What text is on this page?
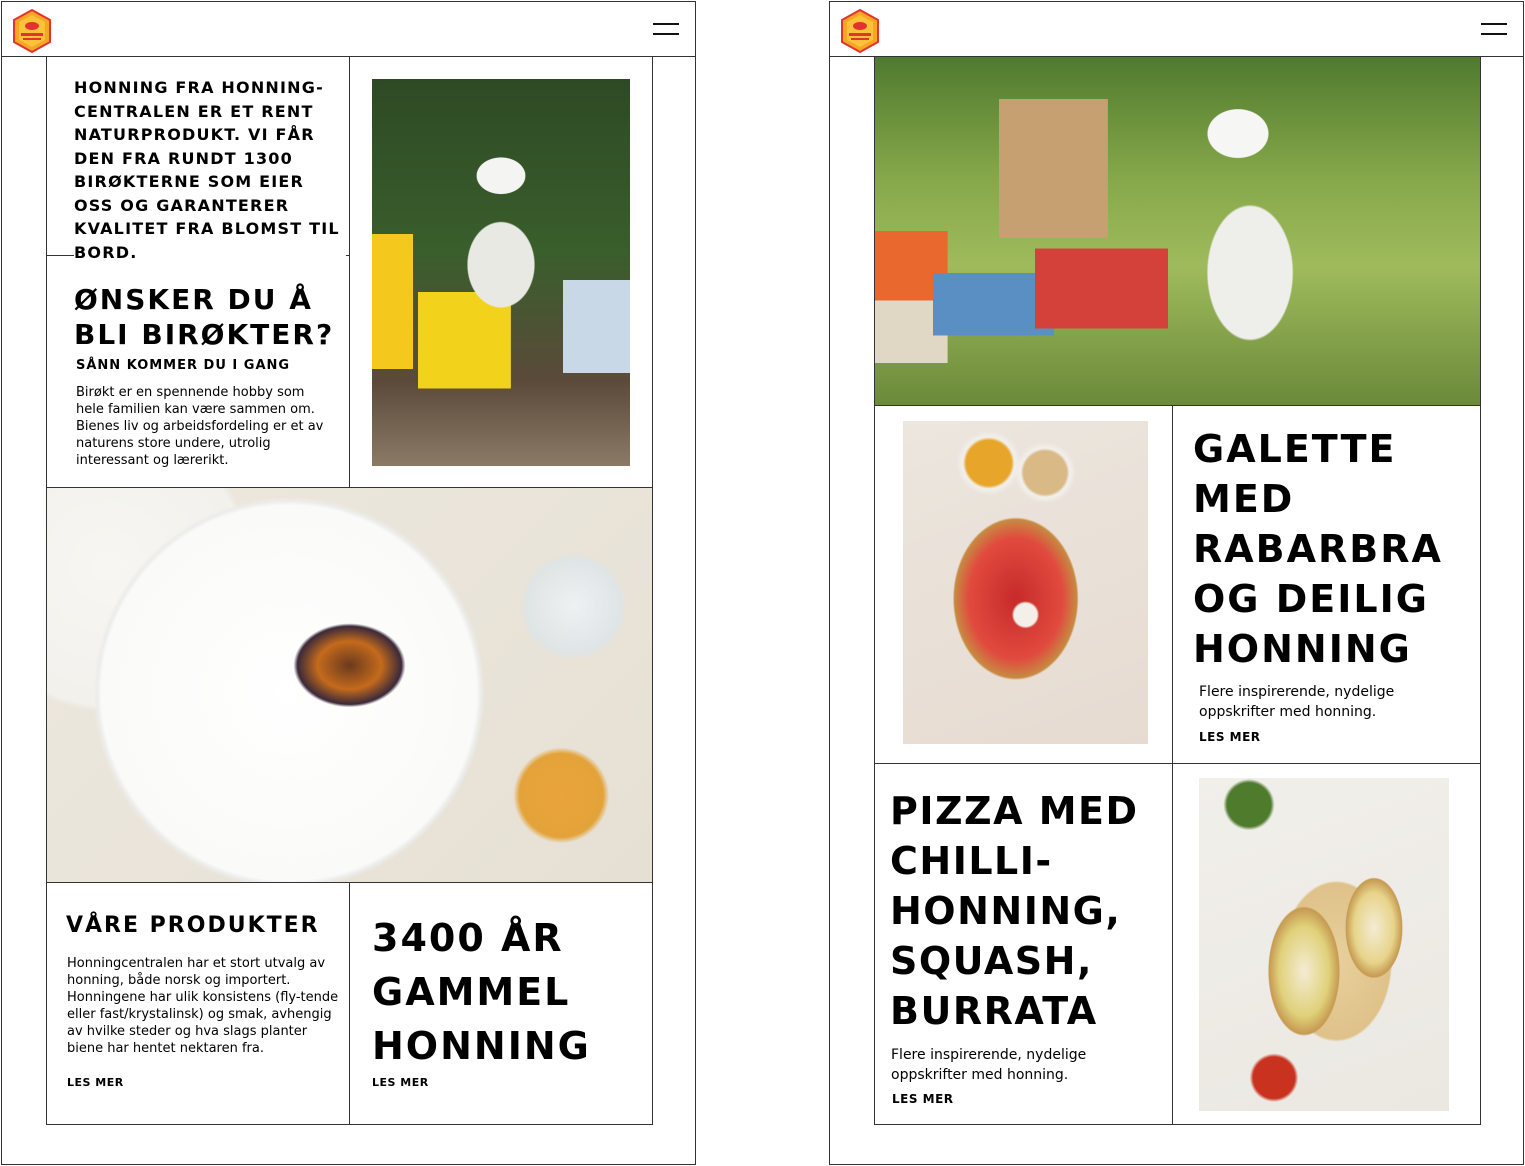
HONNING FRA HONNING-CENTRALEN ER ET RENT NATURPRODUKT. VI FÅR DEN FRA RUNDT 1300 BIRØKTERNE SOM EIER OSS OG GARANTERER KVALITET FRA BLOMST TIL BORD.
ØNSKER DU Å BLI BIRØKTER?
SÅNN KOMMER DU I GANG
Birøkt er en spennende hobby som hele familien kan være sammen om. Bienes liv og arbeidsfordeling er et av naturens store undere, utrolig interessant og lærerikt.
VÅRE PRODUKTER
Honningcentralen har et stort utvalg av honning, både norsk og importert. Honningene har ulik konsistens (fly-tende eller fast/krystalinsk) og smak, avhengig av hvilke steder og hva slags planter biene har hentet nektaren fra.
LES MER
3400 ÅR GAMMEL HONNING
LES MER
GALETTE MED RABARBRA OG DEILIG HONNING
Flere inspirerende, nydelige oppskrifter med honning.
LES MER
PIZZA MED CHILLI-HONNING, SQUASH, BURRATA
Flere inspirerende, nydelige oppskrifter med honning.
LES MER
